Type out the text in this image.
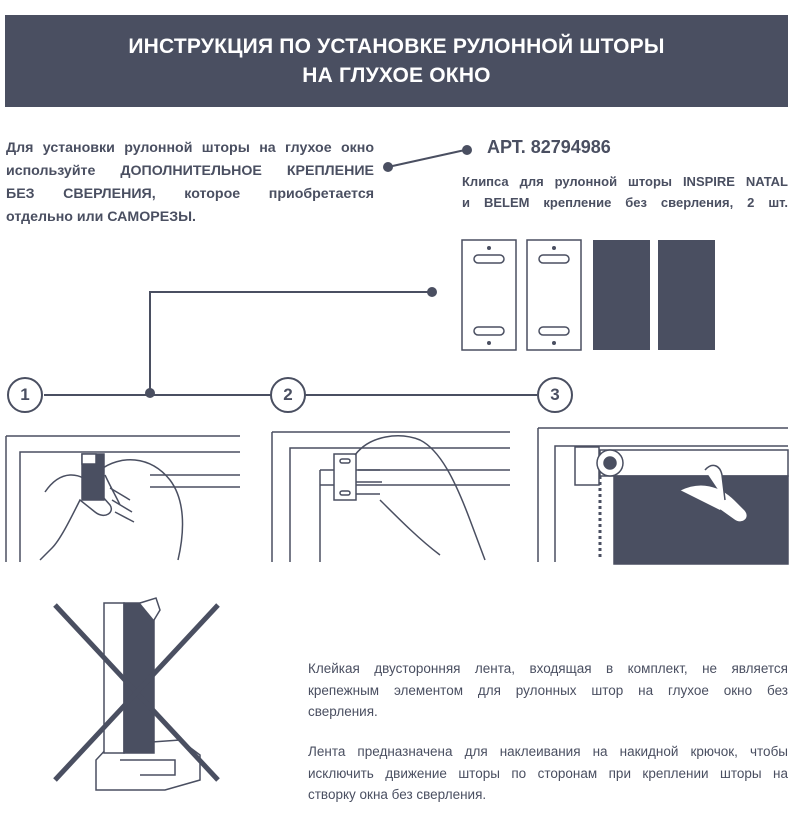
ИНСТРУКЦИЯ ПО УСТАНОВКЕ РУЛОННОЙ ШТОРЫ
НА ГЛУХОЕ ОКНО
Для установки рулонной шторы на глухое окно
используйте ДОПОЛНИТЕЛЬНОЕ КРЕПЛЕНИЕ
БЕЗ СВЕРЛЕНИЯ, которое приобретается
отдельно или САМОРЕЗЫ.
АРТ. 82794986
Клипса для рулонной шторы INSPIRE NATAL
и BELEM крепление без сверления, 2 шт.
1	2	3
Клейкая двусторонняя лента, входящая в комплект, не является
крепежным элементом для рулонных штор на глухое окно без
сверления.
Лента предназначена для наклеивания на накидной крючок, чтобы
исключить движение шторы по сторонам при креплении шторы на
створку окна без сверления.
